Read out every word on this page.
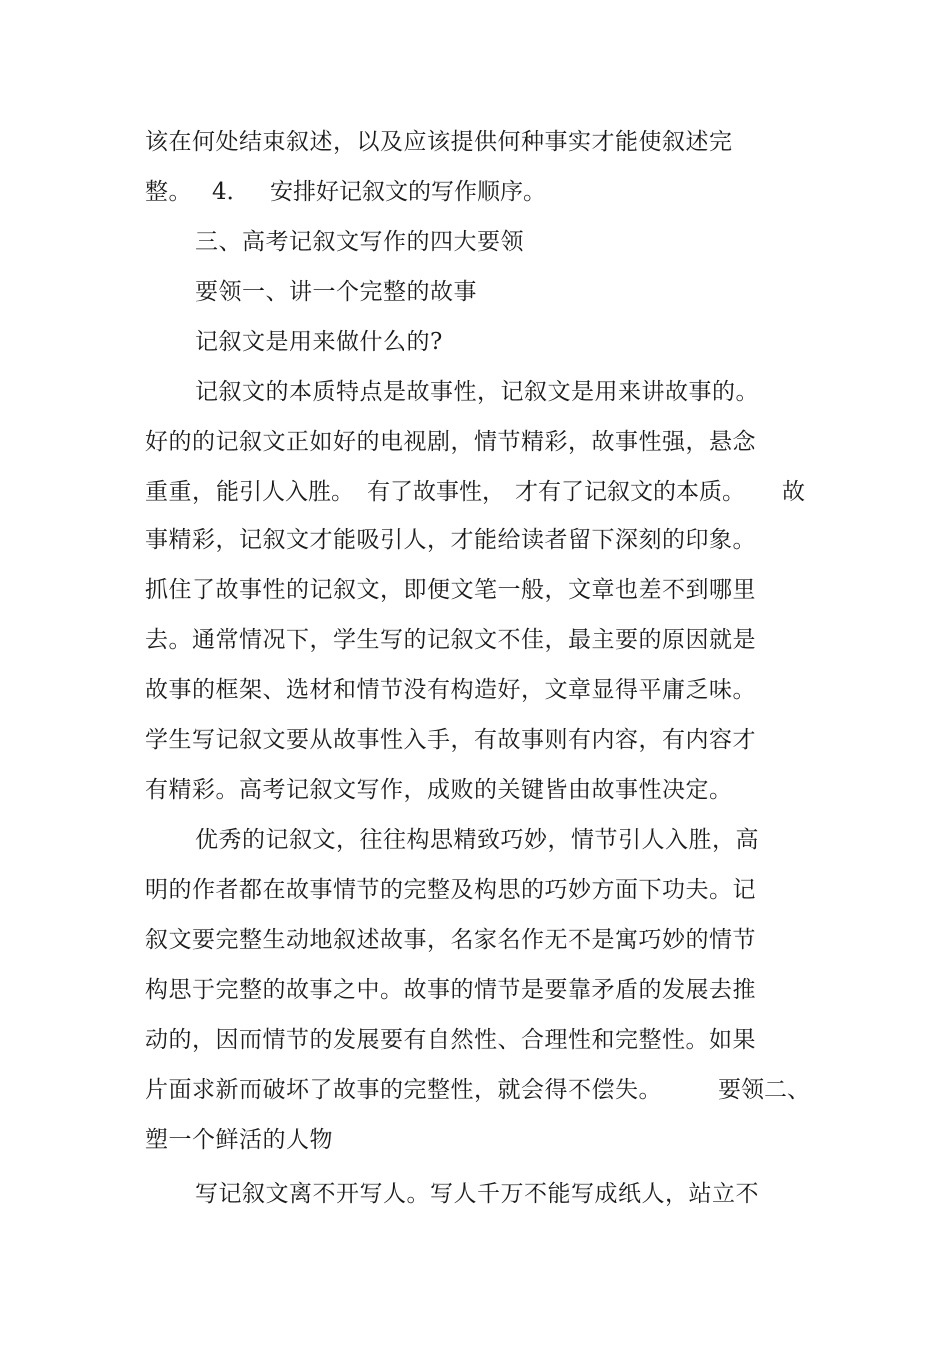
该在何处结束叙述，以及应该提供何种事实才能使叙述完
整。 4． 安排好记叙文的写作顺序。
三、高考记叙文写作的四大要领
要领一、讲一个完整的故事
记叙文是用来做什么的?
记叙文的本质特点是故事性，记叙文是用来讲故事的。
好的的记叙文正如好的电视剧，情节精彩，故事性强，悬念
重重， 能引人入胜。 有了故事性， 才有了记叙文的本质。 故
事精彩，记叙文才能吸引人，才能给读者留下深刻的印象。
抓住了故事性的记叙文，即便文笔一般，文章也差不到哪里
去。通常情况下，学生写的记叙文不佳，最主要的原因就是
故事的框架、选材和情节没有构造好，文章显得平庸乏味。
学生写记叙文要从故事性入手，有故事则有内容，有内容才
有精彩。高考记叙文写作，成败的关键皆由故事性决定。
优秀的记叙文，往往构思精致巧妙，情节引人入胜，高
明的作者都在故事情节的完整及构思的巧妙方面下功夫。记
叙文要完整生动地叙述故事，名家名作无不是寓巧妙的情节
构思于完整的故事之中。故事的情节是要靠矛盾的发展去推
动的，因而情节的发展要有自然性、合理性和完整性。如果
片面求新而破坏了故事的完整性，就会得不偿失。 要领二、
塑一个鲜活的人物
写记叙文离不开写人。写人千万不能写成纸人，站立不
